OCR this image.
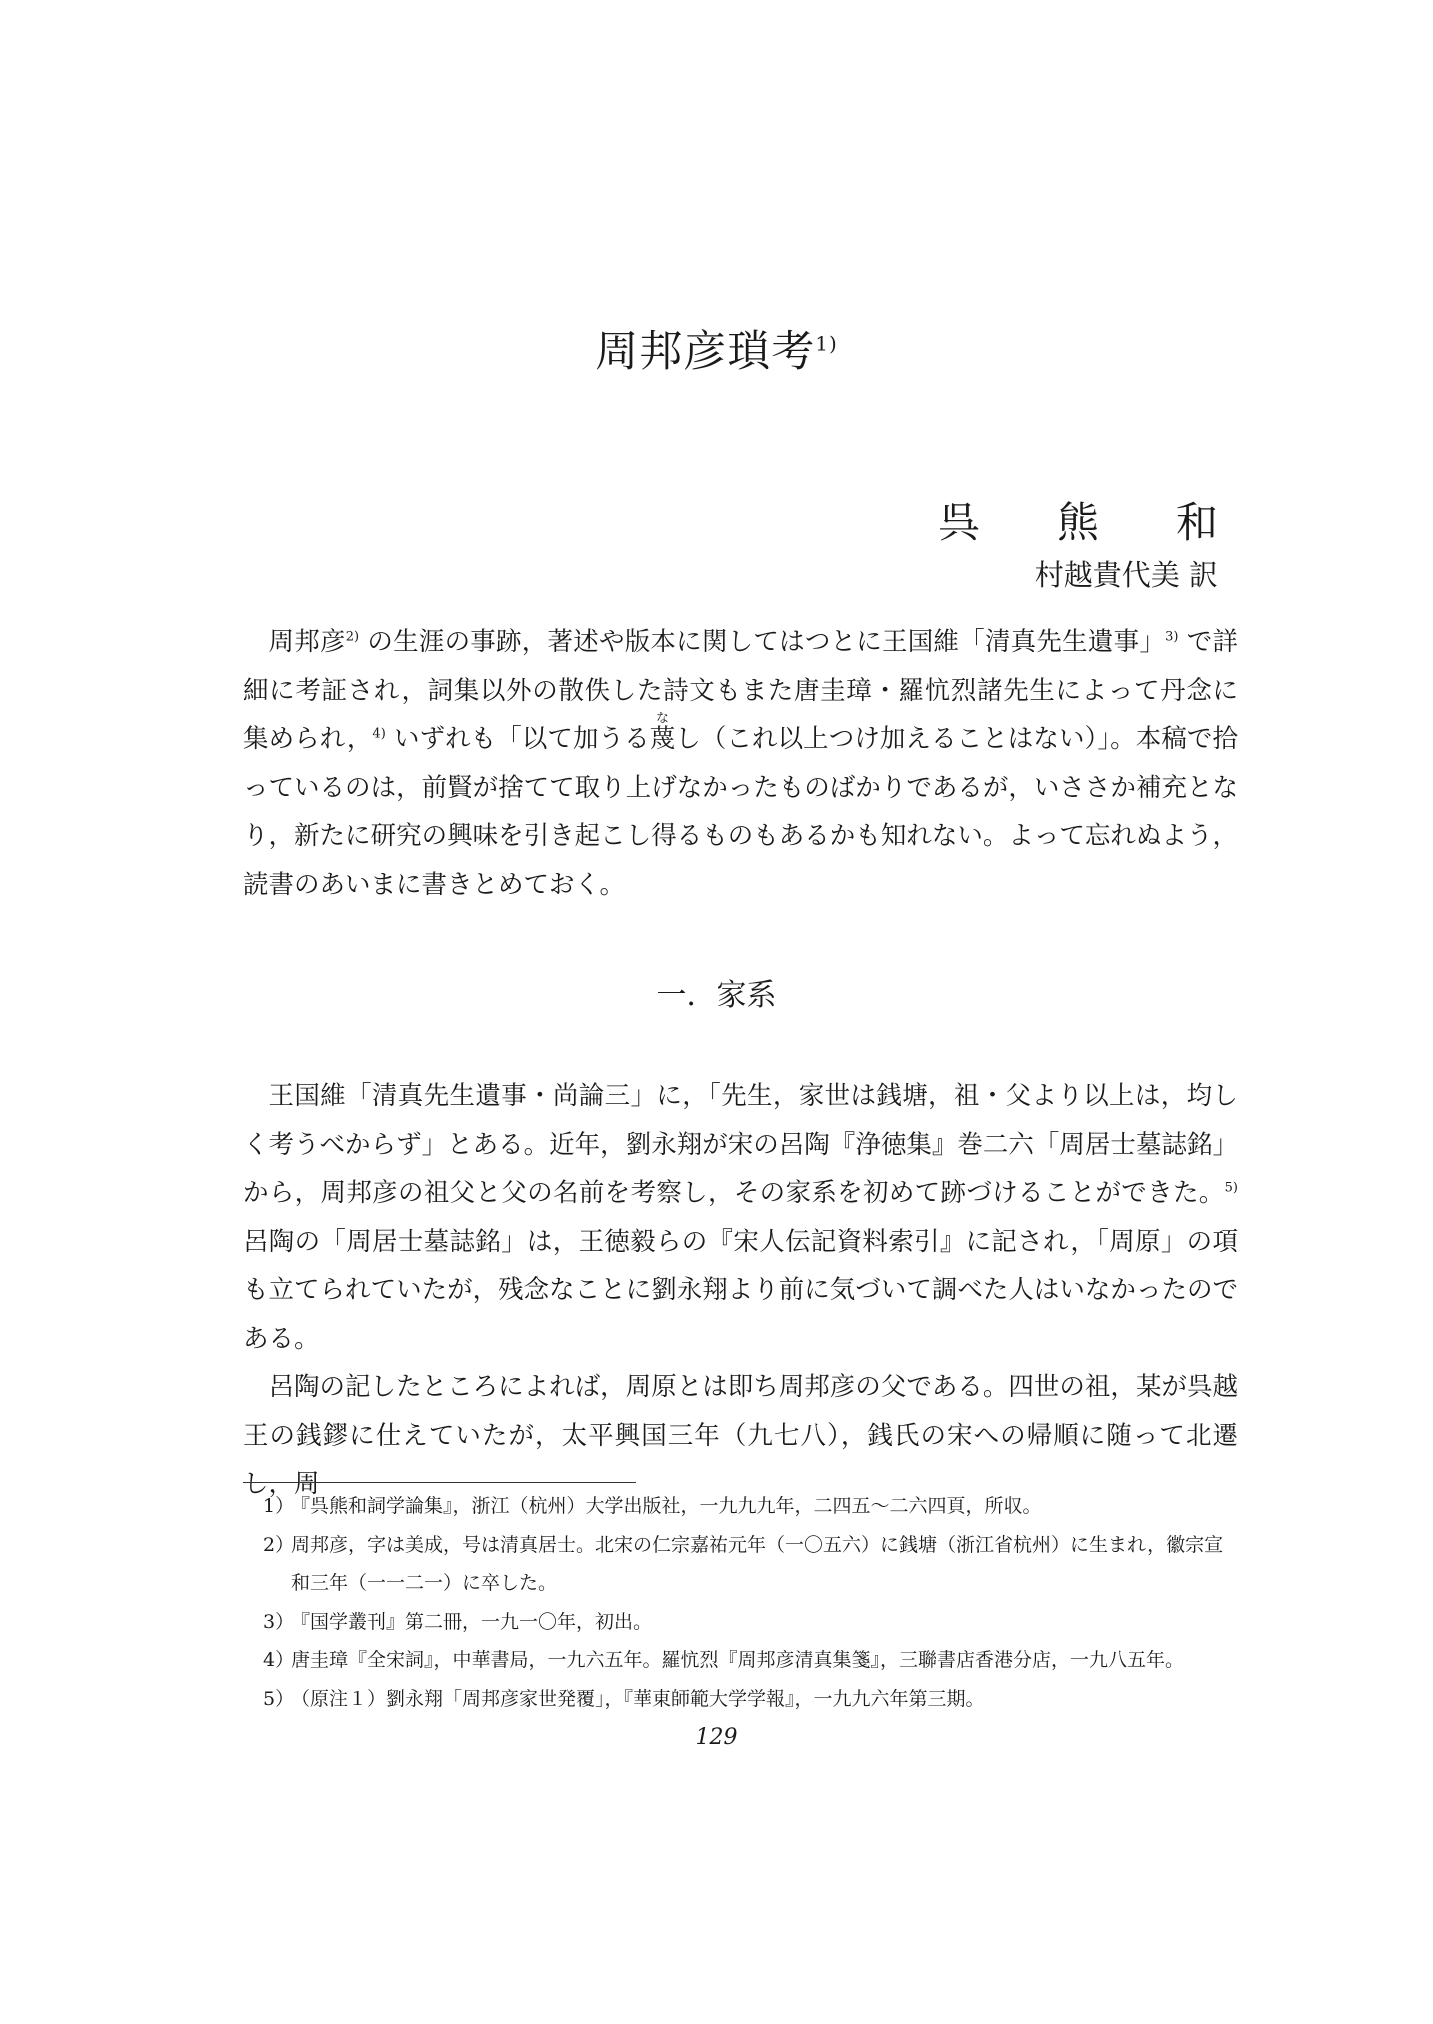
周邦彦瑣考$^{1)}$
呉 熊 和
村越貴代美 訳

周邦彦$^{2)}$ の生涯の事跡，著述や版本に関してはつとに王国維「清真先生遺事」$^{3)}$ で詳細に考証され，詞集以外の散佚した詩文もまた唐圭璋・羅忼烈諸先生によって丹念に集められ，$^{4)}$ いずれも「以て加うる蔑なし（これ以上つけ加えることはない）」。本稿で拾っているのは，前賢が捨てて取り上げなかったものばかりであるが，いささか補充となり，新たに研究の興味を引き起こし得るものもあるかも知れない。よって忘れぬよう，読書のあいまに書きとめておく。

一．家系

王国維「清真先生遺事・尚論三」に，「先生，家世は銭塘，祖・父より以上は，均しく考うべからず」とある。近年，劉永翔が宋の呂陶『浄徳集』巻二六「周居士墓誌銘」から，周邦彦の祖父と父の名前を考察し，その家系を初めて跡づけることができた。$^{5)}$ 呂陶の「周居士墓誌銘」は，王徳毅らの『宋人伝記資料索引』に記され，「周原」の項も立てられていたが，残念なことに劉永翔より前に気づいて調べた人はいなかったのである。

呂陶の記したところによれば，周原とは即ち周邦彦の父である。四世の祖，某が呉越王の銭鏐に仕えていたが，太平興国三年（九七八），銭氏の宋への帰順に随って北遷し，周

1）
『呉熊和詞学論集』，浙江（杭州）大学出版社，一九九九年，二四五～二六四頁，所収。
2）
周邦彦，字は美成，号は清真居士。北宋の仁宗嘉祐元年（一〇五六）に銭塘（浙江省杭州）に生まれ，徽宗宣和三年（一一二一）に卒した。
3）
『国学叢刊』第二冊，一九一〇年，初出。
4）
唐圭璋『全宋詞』，中華書局，一九六五年。羅忼烈『周邦彦清真集箋』，三聯書店香港分店，一九八五年。
5）
（原注１）劉永翔「周邦彦家世発覆」，『華東師範大学学報』，一九九六年第三期。
129
